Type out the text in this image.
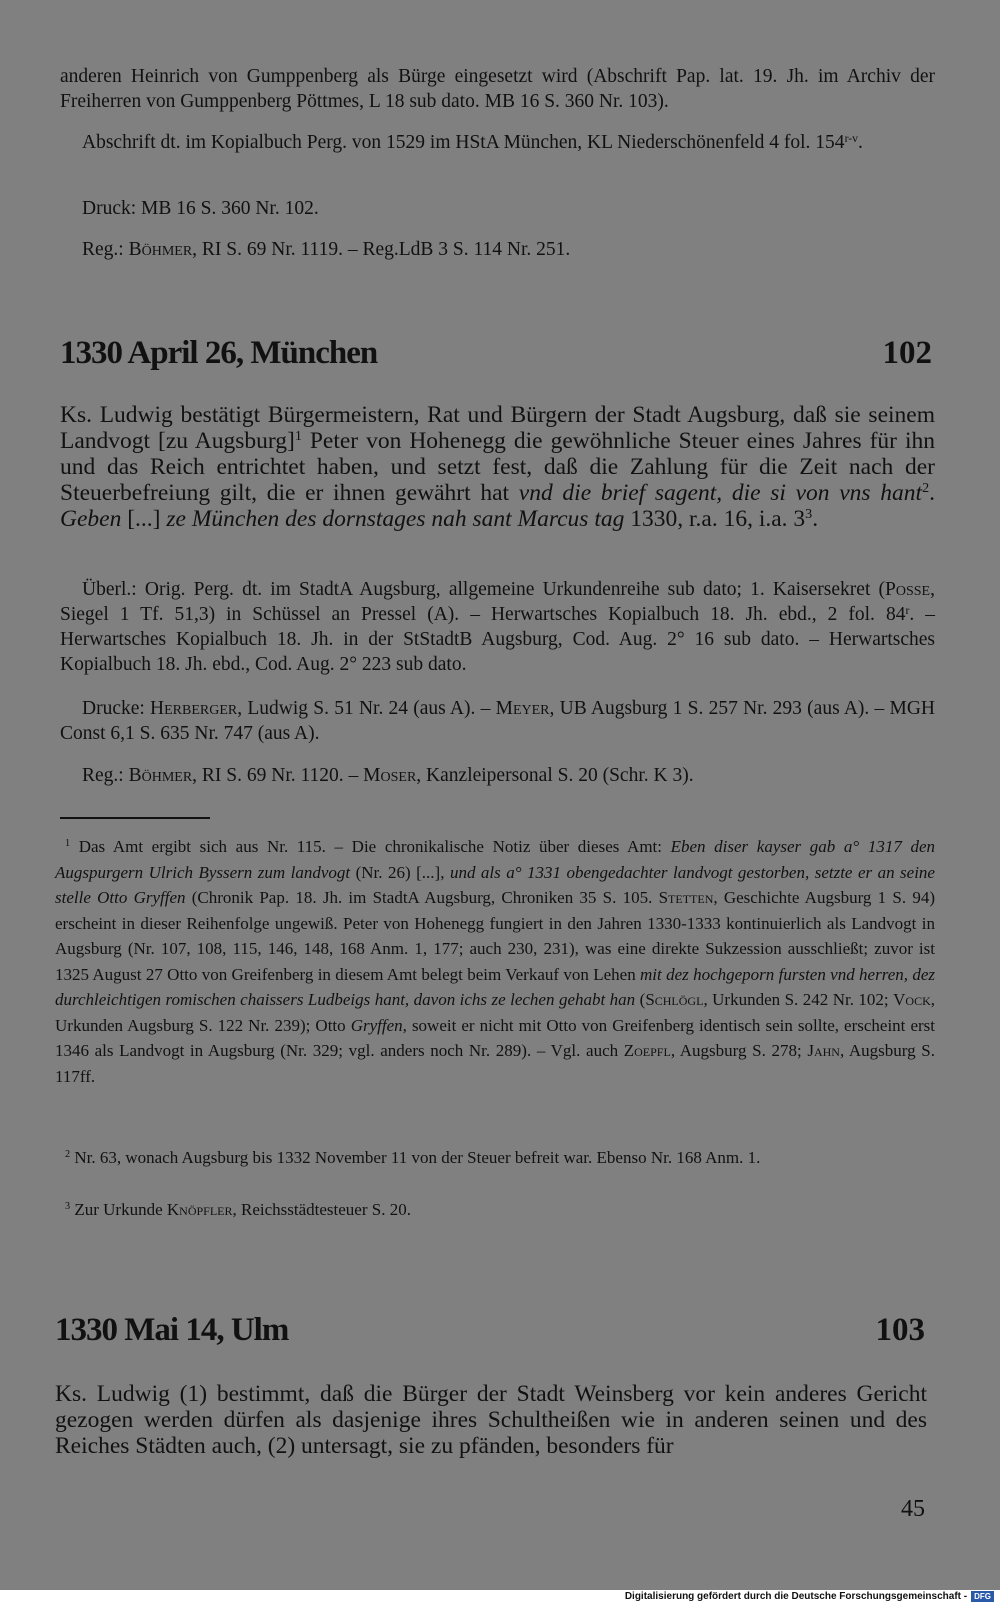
anderen Heinrich von Gumppenberg als Bürge eingesetzt wird (Abschrift Pap. lat. 19. Jh. im Archiv der Freiherren von Gumppenberg Pöttmes, L 18 sub dato. MB 16 S. 360 Nr. 103).

Abschrift dt. im Kopialbuch Perg. von 1529 im HStA München, KL Niederschönenfeld 4 fol. 154$^{r-v}$.

Druck: MB 16 S. 360 Nr. 102.

Reg.: Böhmer, RI S. 69 Nr. 1119. – Reg.LdB 3 S. 114 Nr. 251.

1330 April 26, München	102

Ks. Ludwig bestätigt Bürgermeistern, Rat und Bürgern der Stadt Augsburg, daß sie seinem Landvogt [zu Augsburg]$^1$ Peter von Hohenegg die gewöhnliche Steuer eines Jahres für ihn und das Reich entrichtet haben, und setzt fest, daß die Zahlung für die Zeit nach der Steuerbefreiung gilt, die er ihnen gewährt hat vnd die brief sagent, die si von vns hant$^2$. Geben [...] ze München des dornstages nah sant Marcus tag 1330, r.a. 16, i.a. $3^3$.

Überl.: Orig. Perg. dt. im StadtA Augsburg, allgemeine Urkundenreihe sub dato; 1. Kaisersekret (Posse, Siegel 1 Tf. 51,3) in Schüssel an Pressel (A). – Herwartsches Kopialbuch 18. Jh. ebd., 2 fol. 84$^r$. – Herwartsches Kopialbuch 18. Jh. in der StStadtB Augsburg, Cod. Aug. 2° 16 sub dato. – Herwartsches Kopialbuch 18. Jh. ebd., Cod. Aug. 2° 223 sub dato.

Drucke: Herberger, Ludwig S. 51 Nr. 24 (aus A). – Meyer, UB Augsburg 1 S. 257 Nr. 293 (aus A). – MGH Const 6,1 S. 635 Nr. 747 (aus A).

Reg.: Böhmer, RI S. 69 Nr. 1120. – Moser, Kanzleipersonal S. 20 (Schr. K 3).

$^1$ Das Amt ergibt sich aus Nr. 115. – Die chronikalische Notiz über dieses Amt: Eben diser kayser gab a° 1317 den Augspurgern Ulrich Byssern zum landvogt (Nr. 26) [...], und als a° 1331 obengedachter landvogt gestorben, setzte er an seine stelle Otto Gryffen (Chronik Pap. 18. Jh. im StadtA Augsburg, Chroniken 35 S. 105. Stetten, Geschichte Augsburg 1 S. 94) erscheint in dieser Reihenfolge ungewiß. Peter von Hohenegg fungiert in den Jahren 1330-1333 kontinuierlich als Landvogt in Augsburg (Nr. 107, 108, 115, 146, 148, 168 Anm. 1, 177; auch 230, 231), was eine direkte Sukzession ausschließt; zuvor ist 1325 August 27 Otto von Greifenberg in diesem Amt belegt beim Verkauf von Lehen mit dez hochgeporn fursten vnd herren, dez durchleichtigen romischen chaissers Ludbeigs hant, davon ichs ze lechen gehabt han (Schlögl, Urkunden S. 242 Nr. 102; Vock, Urkunden Augsburg S. 122 Nr. 239); Otto Gryffen, soweit er nicht mit Otto von Greifenberg identisch sein sollte, erscheint erst 1346 als Landvogt in Augsburg (Nr. 329; vgl. anders noch Nr. 289). – Vgl. auch Zoepfl, Augsburg S. 278; Jahn, Augsburg S. 117ff.

$^2$ Nr. 63, wonach Augsburg bis 1332 November 11 von der Steuer befreit war. Ebenso Nr. 168 Anm. 1.

$^3$ Zur Urkunde Knöpfler, Reichsstädtesteuer S. 20.

1330 Mai 14, Ulm	103

Ks. Ludwig (1) bestimmt, daß die Bürger der Stadt Weinsberg vor kein anderes Gericht gezogen werden dürfen als dasjenige ihres Schultheißen wie in anderen seinen und des Reiches Städten auch, (2) untersagt, sie zu pfänden, besonders für

45
Digitalisierung gefördert durch die Deutsche Forschungsgemeinschaft - DFG
